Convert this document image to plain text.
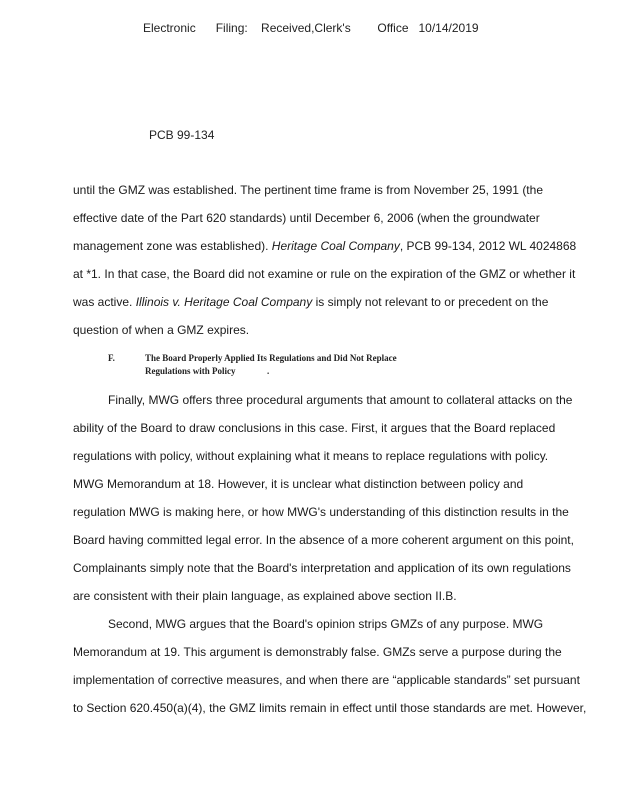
Electronic      Filing:    Received,Clerk's        Office   10/14/2019
PCB 99-134
until the GMZ was established. The pertinent time frame is from November 25, 1991 (the
effective date of the Part 620 standards) until December 6, 2006 (when the groundwater
management zone was established). Heritage Coal Company, PCB 99-134, 2012 WL 4024868
at *1. In that case, the Board did not examine or rule on the expiration of the GMZ or whether it
was active. Illinois v. Heritage Coal Company is simply not relevant to or precedent on the
question of when a GMZ expires.
F.	The Board Properly Applied Its Regulations and Did Not Replace
Regulations with Policy	.
Finally, MWG offers three procedural arguments that amount to collateral attacks on the
ability of the Board to draw conclusions in this case. First, it argues that the Board replaced
regulations with policy, without explaining what it means to replace regulations with policy.
MWG Memorandum at 18. However, it is unclear what distinction between policy and
regulation MWG is making here, or how MWG's understanding of this distinction results in the
Board having committed legal error. In the absence of a more coherent argument on this point,
Complainants simply note that the Board's interpretation and application of its own regulations
are consistent with their plain language, as explained above section II.B.
Second, MWG argues that the Board's opinion strips GMZs of any purpose. MWG
Memorandum at 19. This argument is demonstrably false. GMZs serve a purpose during the
implementation of corrective measures, and when there are “applicable standards” set pursuant
to Section 620.450(a)(4), the GMZ limits remain in effect until those standards are met. However,
